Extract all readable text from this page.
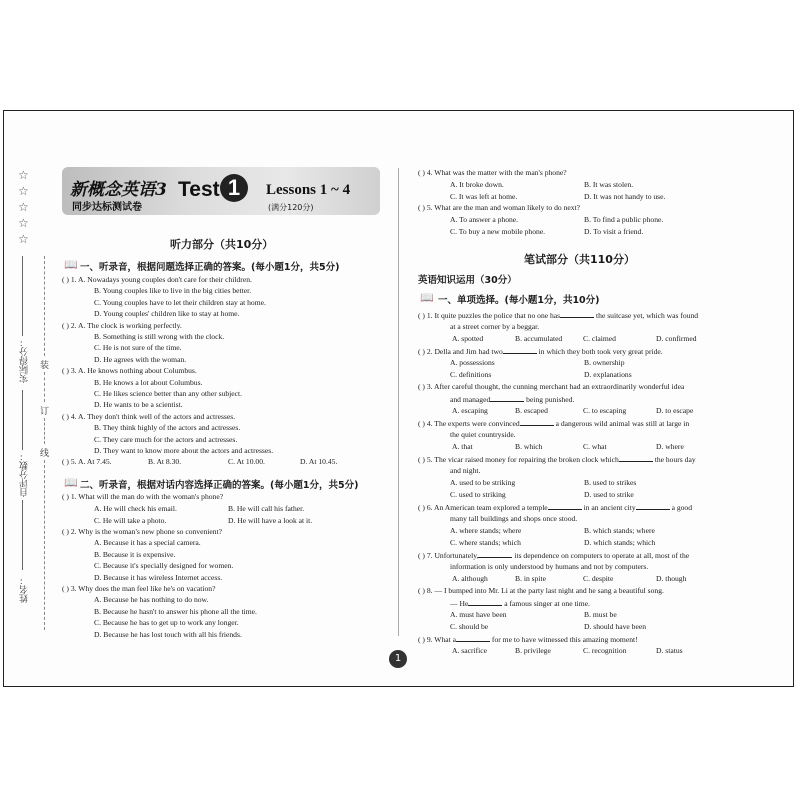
☆
☆
☆
☆
☆
实际得分：
自评分数：
姓名：
装
订
线
新概念英语3
同步达标测试卷
Test 1	Lessons 1 ~ 4
(满分120分)
听力部分（共10分）
📖 一、听录音，根据问题选择正确的答案。(每小题1分，共5分)
( ) 1. A. Nowadays young couples don't care for their children.
B. Young couples like to live in the big cities better.
C. Young couples have to let their children stay at home.
D. Young couples' children like to stay at home.
( ) 2. A. The clock is working perfectly.
B. Something is still wrong with the clock.
C. He is not sure of the time.
D. He agrees with the woman.
( ) 3. A. He knows nothing about Columbus.
B. He knows a lot about Columbus.
C. He likes science better than any other subject.
D. He wants to be a scientist.
( ) 4. A. They don't think well of the actors and actresses.
B. They think highly of the actors and actresses.
C. They care much for the actors and actresses.
D. They want to know more about the actors and actresses.
( ) 5. A. At 7.45.	B. At 8.30.	C. At 10.00.	D. At 10.45.
📖 二、听录音，根据对话内容选择正确的答案。(每小题1分，共5分)
( ) 1. What will the man do with the woman's phone?
A. He will check his email.	B. He will call his father.
C. He will take a photo.	D. He will have a look at it.
( ) 2. Why is the woman's new phone so convenient?
A. Because it has a special camera.
B. Because it is expensive.
C. Because it's specially designed for women.
D. Because it has wireless Internet access.
( ) 3. Why does the man feel like he's on vacation?
A. Because he has nothing to do now.
B. Because he hasn't to answer his phone all the time.
C. Because he has to get up to work any longer.
D. Because he has lost touch with all his friends.
( ) 4. What was the matter with the man's phone?
A. It broke down.	B. It was stolen.
C. It was left at home.	D. It was not handy to use.
( ) 5. What are the man and woman likely to do next?
A. To answer a phone.	B. To find a public phone.
C. To buy a new mobile phone.	D. To visit a friend.
笔试部分（共110分）
英语知识运用（30分）
📖 一、单项选择。(每小题1分，共10分)
( ) 1. It quite puzzles the police that no one has	the suitcase yet, which was found
at a street corner by a beggar.
A. spotted	B. accumulated	C. claimed	D. confirmed
( ) 2. Della and Jim had two	in which they both took very great pride.
A. possessions	B. ownership
C. definitions	D. explanations
( ) 3. After careful thought, the cunning merchant had an extraordinarily wonderful idea
and managed	being punished.
A. escaping	B. escaped	C. to escaping	D. to escape
( ) 4. The experts were convinced	a dangerous wild animal was still at large in
the quiet countryside.
A. that	B. which	C. what	D. where
( ) 5. The vicar raised money for repairing the broken clock which	the hours day
and night.
A. used to be striking	B. used to strikes
C. used to striking	D. used to strike
( ) 6. An American team explored a temple	in an ancient city	a good
many tall buildings and shops once stood.
A. where stands; where	B. which stands; where
C. where stands; which	D. which stands; which
( ) 7. Unfortunately,	its dependence on computers to operate at all, most of the
information is only understood by humans and not by computers.
A. although	B. in spite	C. despite	D. though
( ) 8. — I bumped into Mr. Li at the party last night and he sang a beautiful song.
— He	a famous singer at one time.
A. must have been	B. must be
C. should be	D. should have been
( ) 9. What a	for me to have witnessed this amazing moment!
A. sacrifice	B. privilege	C. recognition	D. status
1
